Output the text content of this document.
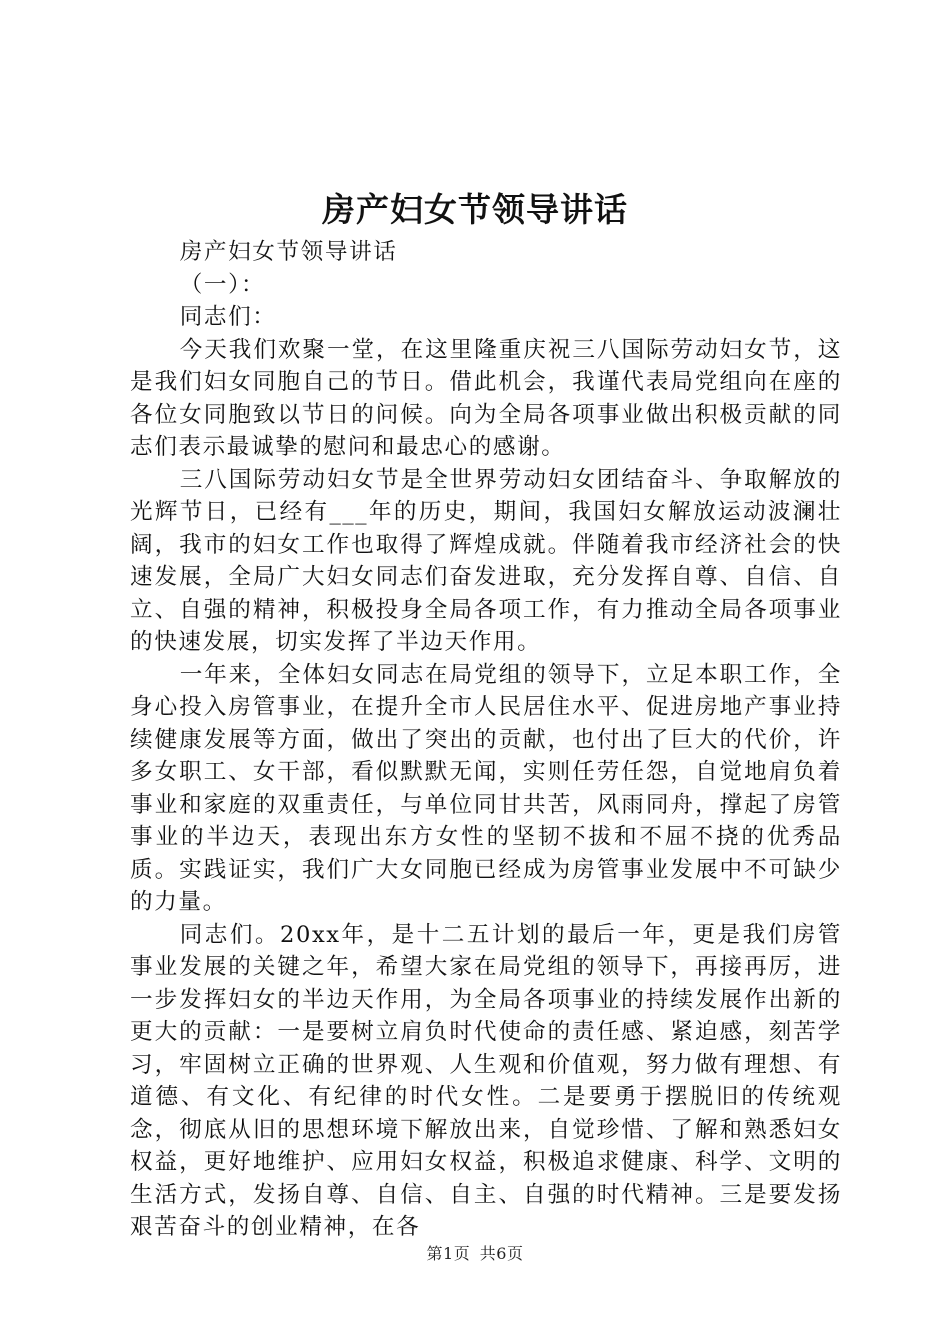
房产妇女节领导讲话

房产妇女节领导讲话

（一）：

同志们：

今天我们欢聚一堂，在这里隆重庆祝三八国际劳动妇女节，这是我们妇女同胞自己的节日。借此机会，我谨代表局党组向在座的各位女同胞致以节日的问候。向为全局各项事业做出积极贡献的同志们表示最诚挚的慰问和最忠心的感谢。

三八国际劳动妇女节是全世界劳动妇女团结奋斗、争取解放的光辉节日，已经有___年的历史，期间，我国妇女解放运动波澜壮阔，我市的妇女工作也取得了辉煌成就。伴随着我市经济社会的快速发展，全局广大妇女同志们奋发进取，充分发挥自尊、自信、自立、自强的精神，积极投身全局各项工作，有力推动全局各项事业的快速发展，切实发挥了半边天作用。

一年来，全体妇女同志在局党组的领导下，立足本职工作，全身心投入房管事业，在提升全市人民居住水平、促进房地产事业持续健康发展等方面，做出了突出的贡献，也付出了巨大的代价，许多女职工、女干部，看似默默无闻，实则任劳任怨，自觉地肩负着事业和家庭的双重责任，与单位同甘共苦，风雨同舟，撑起了房管事业的半边天，表现出东方女性的坚韧不拔和不屈不挠的优秀品质。实践证实，我们广大女同胞已经成为房管事业发展中不可缺少的力量。

同志们。20xx年，是十二五计划的最后一年，更是我们房管事业发展的关键之年，希望大家在局党组的领导下，再接再厉，进一步发挥妇女的半边天作用，为全局各项事业的持续发展作出新的更大的贡献：一是要树立肩负时代使命的责任感、紧迫感，刻苦学习，牢固树立正确的世界观、人生观和价值观，努力做有理想、有道德、有文化、有纪律的时代女性。二是要勇于摆脱旧的传统观念，彻底从旧的思想环境下解放出来，自觉珍惜、了解和熟悉妇女权益，更好地维护、应用妇女权益，积极追求健康、科学、文明的生活方式，发扬自尊、自信、自主、自强的时代精神。三是要发扬艰苦奋斗的创业精神，在各

第1页 共6页
